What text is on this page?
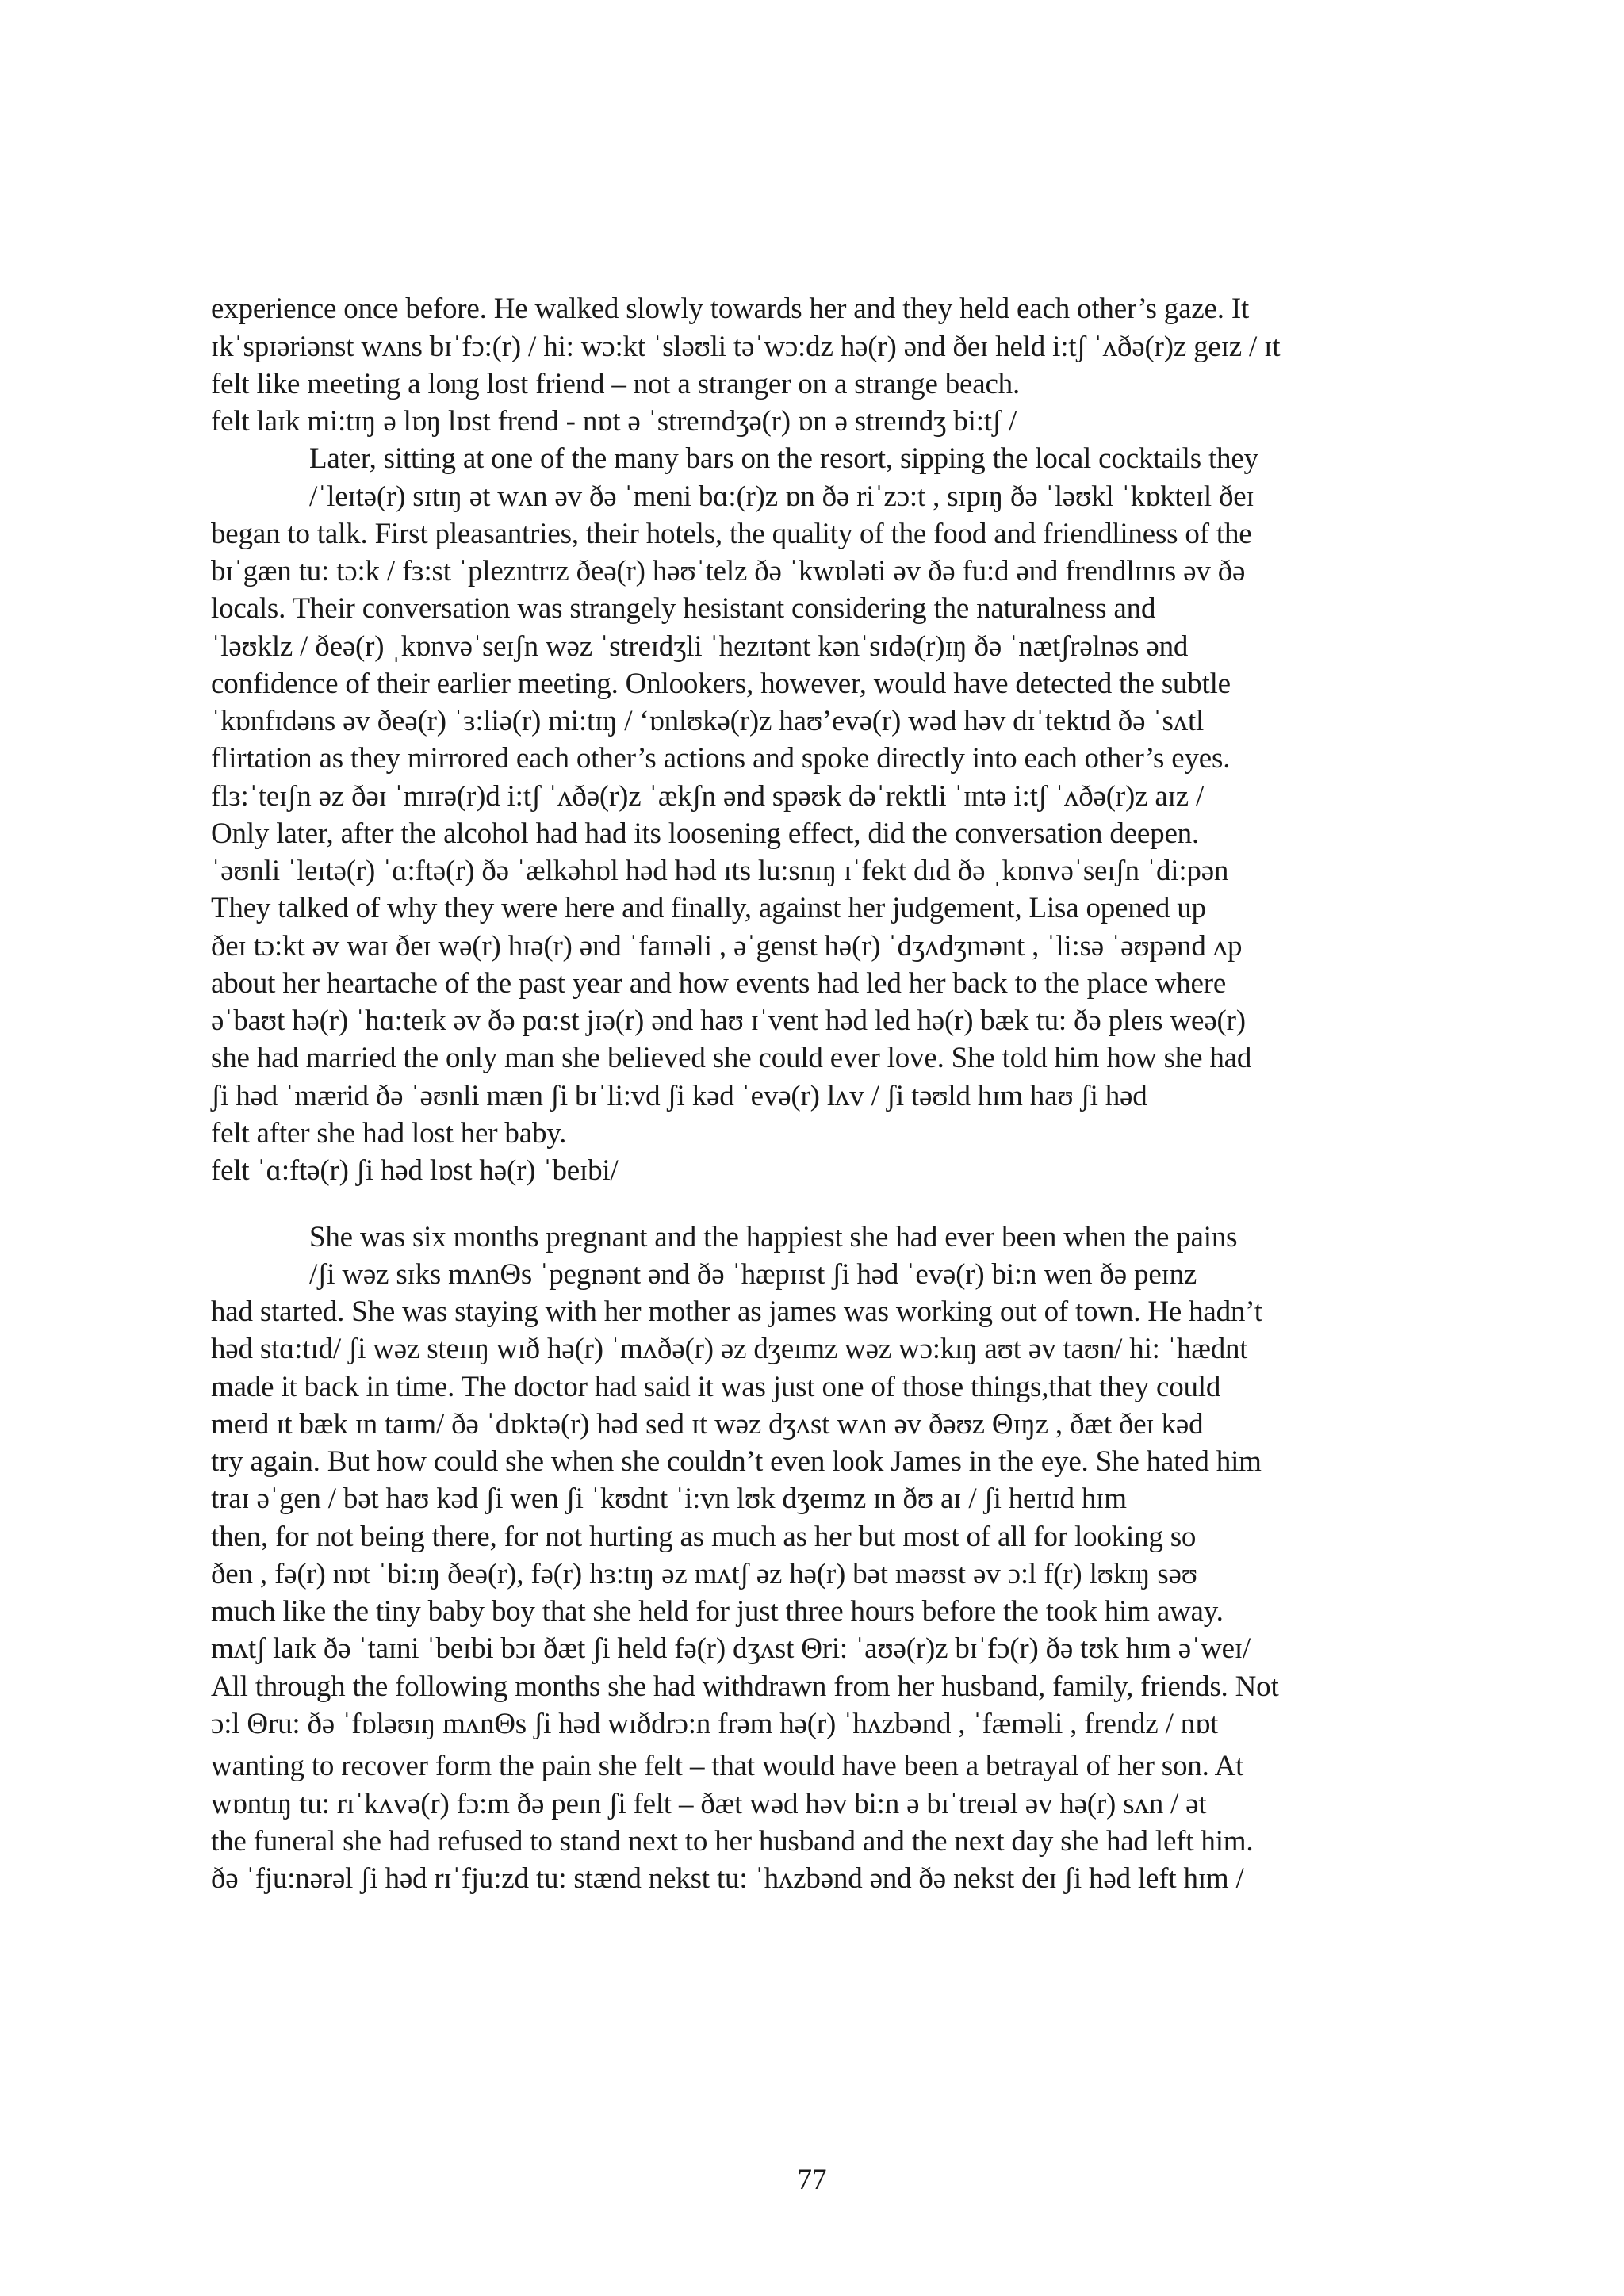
experience once before. He walked slowly towards her and they held each other’s gaze. It
ɪkˈspɪəriənst wʌns bɪˈfɔ:(r) / hi: wɔ:kt ˈsləʊli təˈwɔ:dz hə(r) ənd ðeɪ held i:tʃ ˈʌðə(r)z geɪz / ɪt
felt like meeting a long lost friend – not a stranger on a strange beach.
felt laɪk mi:tɪŋ ə lɒŋ lɒst frend - nɒt ə ˈstreɪndʒə(r) ɒn ə streɪndʒ bi:tʃ /
Later, sitting at one of the many bars on the resort, sipping the local cocktails they
/ˈleɪtə(r) sɪtɪŋ ət wʌn əv ðə ˈmeni bɑ:(r)z ɒn ðə riˈzɔ:t , sɪpɪŋ ðə ˈləʊkl ˈkɒkteɪl ðeɪ
began to talk. First pleasantries, their hotels, the quality of the food and friendliness of the
bɪˈgæn tu: tɔ:k / fɜ:st ˈplezntrɪz ðeə(r) həʊˈtelz ðə ˈkwɒləti əv ðə fu:d ənd frendlɪnɪs əv ðə
locals. Their conversation was strangely hesistant considering the naturalness and
ˈləʊklz / ðeə(r) ˌkɒnvəˈseɪʃn wəz ˈstreɪdʒli ˈhezɪtənt kənˈsɪdə(r)ɪŋ ðə ˈnætʃrəlnəs ənd
confidence of their earlier meeting. Onlookers, however, would have detected the subtle
ˈkɒnfɪdəns əv ðeə(r) ˈɜ:liə(r) mi:tɪŋ / ‘ɒnlʊkə(r)z haʊ’evə(r) wəd həv dɪˈtektɪd ðə ˈsʌtl
flirtation as they mirrored each other’s actions and spoke directly into each other’s eyes.
flɜ:ˈteɪʃn əz ðəɪ ˈmɪrə(r)d i:tʃ ˈʌðə(r)z ˈækʃn ənd spəʊk dəˈrektli ˈɪntə i:tʃ ˈʌðə(r)z aɪz /
Only later, after the alcohol had had its loosening effect, did the conversation deepen.
ˈəʊnli ˈleɪtə(r) ˈɑ:ftə(r) ðə ˈælkəhɒl həd həd ɪts lu:snɪŋ ɪˈfekt dɪd ðə ˌkɒnvəˈseɪʃn ˈdi:pən
They talked of why they were here and finally, against her judgement, Lisa opened up
ðeɪ tɔ:kt əv waɪ ðeɪ wə(r) hɪə(r) ənd ˈfaɪnəli , əˈgenst hə(r) ˈdʒʌdʒmənt , ˈli:sə ˈəʊpənd ʌp
about her heartache of the past year and how events had led her back to the place where
əˈbaʊt hə(r) ˈhɑ:teɪk əv ðə pɑ:st jɪə(r) ənd haʊ ɪˈvent həd led hə(r) bæk tu: ðə pleɪs weə(r)
she had married the only man she believed she could ever love. She told him how she had
ʃi həd ˈmærid ðə ˈəʊnli mæn ʃi bɪˈli:vd ʃi kəd ˈevə(r) lʌv / ʃi təʊld hɪm haʊ ʃi həd
felt after she had lost her baby.
felt ˈɑ:ftə(r) ʃi həd lɒst hə(r) ˈbeɪbi/
She was six months pregnant and the happiest she had ever been when the pains
/ʃi wəz sɪks mʌnΘs ˈpegnənt ənd ðə ˈhæpɪɪst ʃi həd ˈevə(r) bi:n wen ðə peɪnz
had started. She was staying with her mother as james was working out of town. He hadn’t
həd stɑ:tɪd/ ʃi wəz steɪɪŋ wɪð hə(r) ˈmʌðə(r) əz dʒeɪmz wəz wɔ:kɪŋ aʊt əv taʊn/ hi: ˈhædnt
made it back in time. The doctor had said it was just one of those things,that they could
meɪd ɪt bæk ɪn taɪm/ ðə ˈdɒktə(r) həd sed ɪt wəz dʒʌst wʌn əv ðəʊz Θɪŋz , ðæt ðeɪ kəd
try again. But how could she when she couldn’t even look James in the eye. She hated him
traɪ əˈgen / bət haʊ kəd ʃi wen ʃi ˈkʊdnt ˈi:vn lʊk dʒeɪmz ɪn ðʊ aɪ / ʃi heɪtɪd hɪm
then, for not being there, for not hurting as much as her but most of all for looking so
ðen , fə(r) nɒt ˈbi:ɪŋ ðeə(r), fə(r) hɜ:tɪŋ əz mʌtʃ əz hə(r) bət məʊst əv ɔ:l f(r) lʊkɪŋ səʊ
much like the tiny baby boy that she held for just three hours before the took him away.
mʌtʃ laɪk ðə ˈtaɪni ˈbeɪbi bɔɪ ðæt ʃi held fə(r) dʒʌst Θri: ˈaʊə(r)z bɪˈfɔ(r) ðə tʊk hɪm əˈweɪ/
All through the following months she had withdrawn from her husband, family, friends. Not
ɔ:l Θru: ðə ˈfɒləʊɪŋ mʌnΘs ʃi həd wɪðdrɔ:n frəm hə(r) ˈhʌzbənd , ˈfæməli , frendz / nɒt
wanting to recover form the pain she felt – that would have been a betrayal of her son. At
wɒntɪŋ tu: rɪˈkʌvə(r) fɔ:m ðə peɪn ʃi felt – ðæt wəd həv bi:n ə bɪˈtreɪəl əv hə(r) sʌn / ət
the funeral she had refused to stand next to her husband and the next day she had left him.
ðə ˈfju:nərəl ʃi həd rɪˈfju:zd tu: stænd nekst tu: ˈhʌzbənd ənd ðə nekst deɪ ʃi həd left hɪm /
77
